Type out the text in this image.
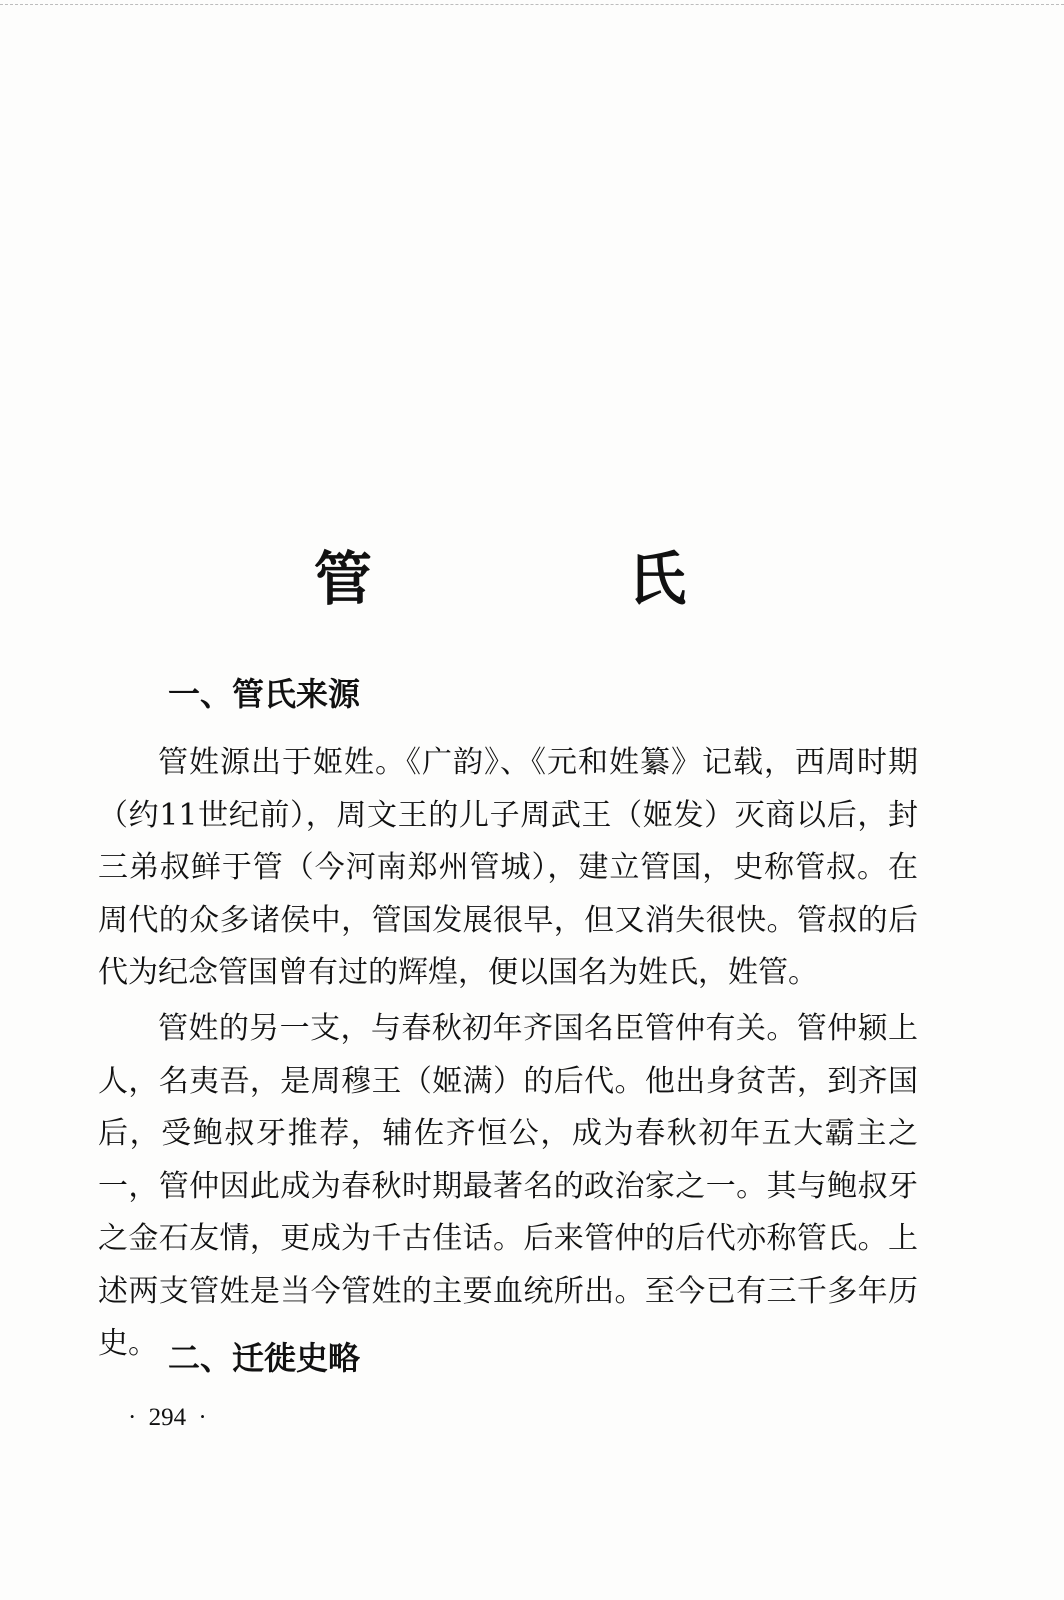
管 氏
一、管氏来源

管姓源出于姬姓。《广韵》、《元和姓纂》记载，西周时期（约11世纪前），周文王的儿子周武王（姬发）灭商以后，封三弟叔鲜于管（今河南郑州管城），建立管国，史称管叔。在周代的众多诸侯中，管国发展很早，但又消失很快。管叔的后代为纪念管国曾有过的辉煌，便以国名为姓氏，姓管。

管姓的另一支，与春秋初年齐国名臣管仲有关。管仲颍上人，名夷吾，是周穆王（姬满）的后代。他出身贫苦，到齐国后，受鲍叔牙推荐，辅佐齐恒公，成为春秋初年五大霸主之一，管仲因此成为春秋时期最著名的政治家之一。其与鲍叔牙之金石友情，更成为千古佳话。后来管仲的后代亦称管氏。上述两支管姓是当今管姓的主要血统所出。至今已有三千多年历史。 二、迁徙史略
· 294 ·
